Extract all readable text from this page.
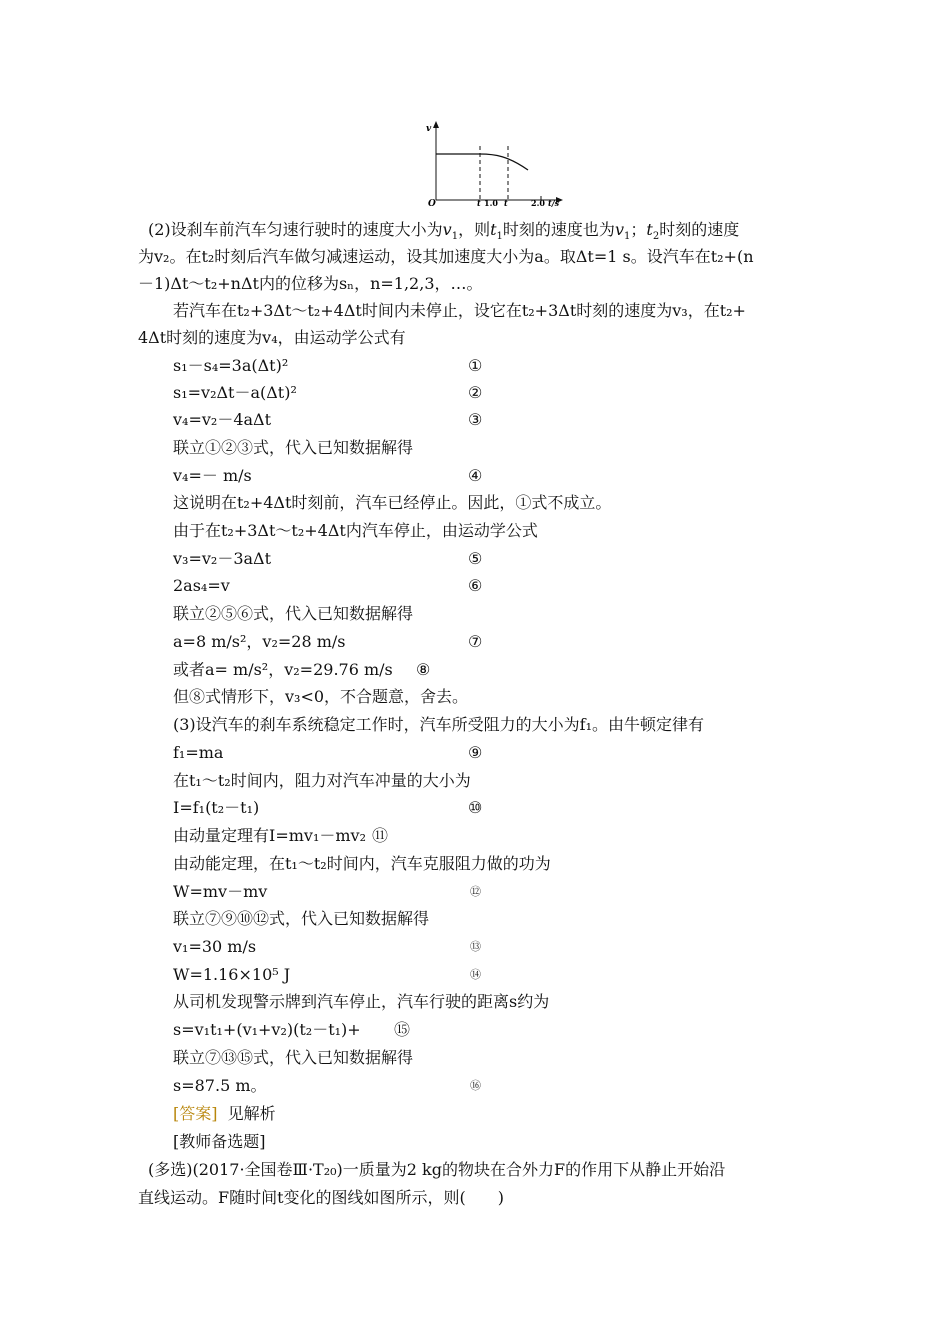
v
O	t 1.0 t	2.0 t/s
(2)设刹车前汽车匀速行驶时的速度大小为$v_1$，则$t_1$时刻的速度也为$v_1$；$t_2$时刻的速度
为v₂。在t₂时刻后汽车做匀减速运动，设其加速度大小为a。取Δt=1 s。设汽车在t₂+(n
－1)Δt～t₂+nΔt内的位移为sₙ，n=1,2,3，…。
若汽车在t₂+3Δt～t₂+4Δt时间内未停止，设它在t₂+3Δt时刻的速度为v₃，在t₂+
4Δt时刻的速度为v₄，由运动学公式有
s₁－s₄=3a(Δt)²	①
s₁=v₂Δt－a(Δt)²	②
v₄=v₂－4aΔt	③
联立①②③式，代入已知数据解得
v₄=－ m/s	④
这说明在t₂+4Δt时刻前，汽车已经停止。因此，①式不成立。
由于在t₂+3Δt～t₂+4Δt内汽车停止，由运动学公式
v₃=v₂－3aΔt	⑤
2as₄=v	⑥
联立②⑤⑥式，代入已知数据解得
a=8 m/s²，v₂=28 m/s	⑦
或者a= m/s²，v₂=29.76 m/s ⑧
但⑧式情形下，v₃<0，不合题意，舍去。
(3)设汽车的刹车系统稳定工作时，汽车所受阻力的大小为f₁。由牛顿定律有
f₁=ma	⑨
在t₁～t₂时间内，阻力对汽车冲量的大小为
I=f₁(t₂－t₁)	⑩
由动量定理有I=mv₁－mv₂ ⑪
由动能定理，在t₁～t₂时间内，汽车克服阻力做的功为
W=mv－mv	⑫
联立⑦⑨⑩⑫式，代入已知数据解得
v₁=30 m/s	⑬
W=1.16×10⁵ J	⑭
从司机发现警示牌到汽车停止，汽车行驶的距离s约为
s=v₁t₁+(v₁+v₂)(t₂－t₁)+ ⑮
联立⑦⑬⑮式，代入已知数据解得
s=87.5 m。	⑯
[答案] 见解析
[教师备选题]
(多选)(2017·全国卷Ⅲ·T₂₀)一质量为2 kg的物块在合外力F的作用下从静止开始沿
直线运动。F随时间t变化的图线如图所示，则(　　)
